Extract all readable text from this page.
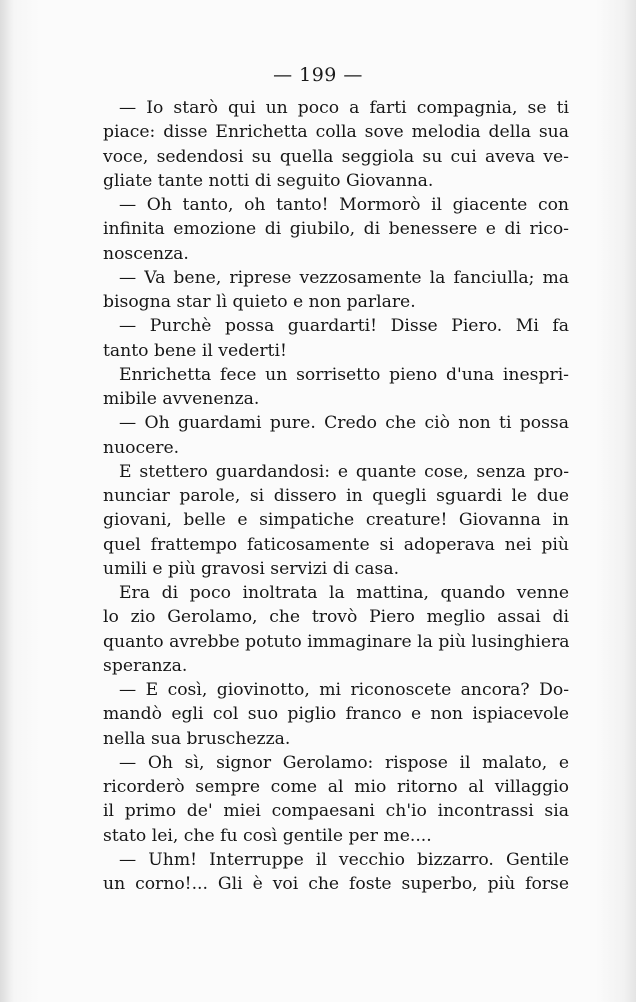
— 199 —
— Io starò qui un poco a farti compagnia, se ti
piace: disse Enrichetta colla sove melodia della sua
voce, sedendosi su quella seggiola su cui aveva ve-
gliate tante notti di seguito Giovanna.
— Oh tanto, oh tanto! Mormorò il giacente con
infinita emozione di giubilo, di benessere e di rico-
noscenza.
— Va bene, riprese vezzosamente la fanciulla; ma
bisogna star lì quieto e non parlare.
— Purchè possa guardarti! Disse Piero. Mi fa
tanto bene il vederti!
Enrichetta fece un sorrisetto pieno d'una inespri-
mibile avvenenza.
— Oh guardami pure. Credo che ciò non ti possa
nuocere.
E stettero guardandosi: e quante cose, senza pro-
nunciar parole, si dissero in quegli sguardi le due
giovani, belle e simpatiche creature! Giovanna in
quel frattempo faticosamente si adoperava nei più
umili e più gravosi servizi di casa.
Era di poco inoltrata la mattina, quando venne
lo zio Gerolamo, che trovò Piero meglio assai di
quanto avrebbe potuto immaginare la più lusinghiera
speranza.
— E così, giovinotto, mi riconoscete ancora? Do-
mandò egli col suo piglio franco e non ispiacevole
nella sua bruschezza.
— Oh sì, signor Gerolamo: rispose il malato, e
ricorderò sempre come al mio ritorno al villaggio
il primo de' miei compaesani ch'io incontrassi sia
stato lei, che fu così gentile per me....
— Uhm! Interruppe il vecchio bizzarro. Gentile
un corno!... Gli è voi che foste superbo, più forse
